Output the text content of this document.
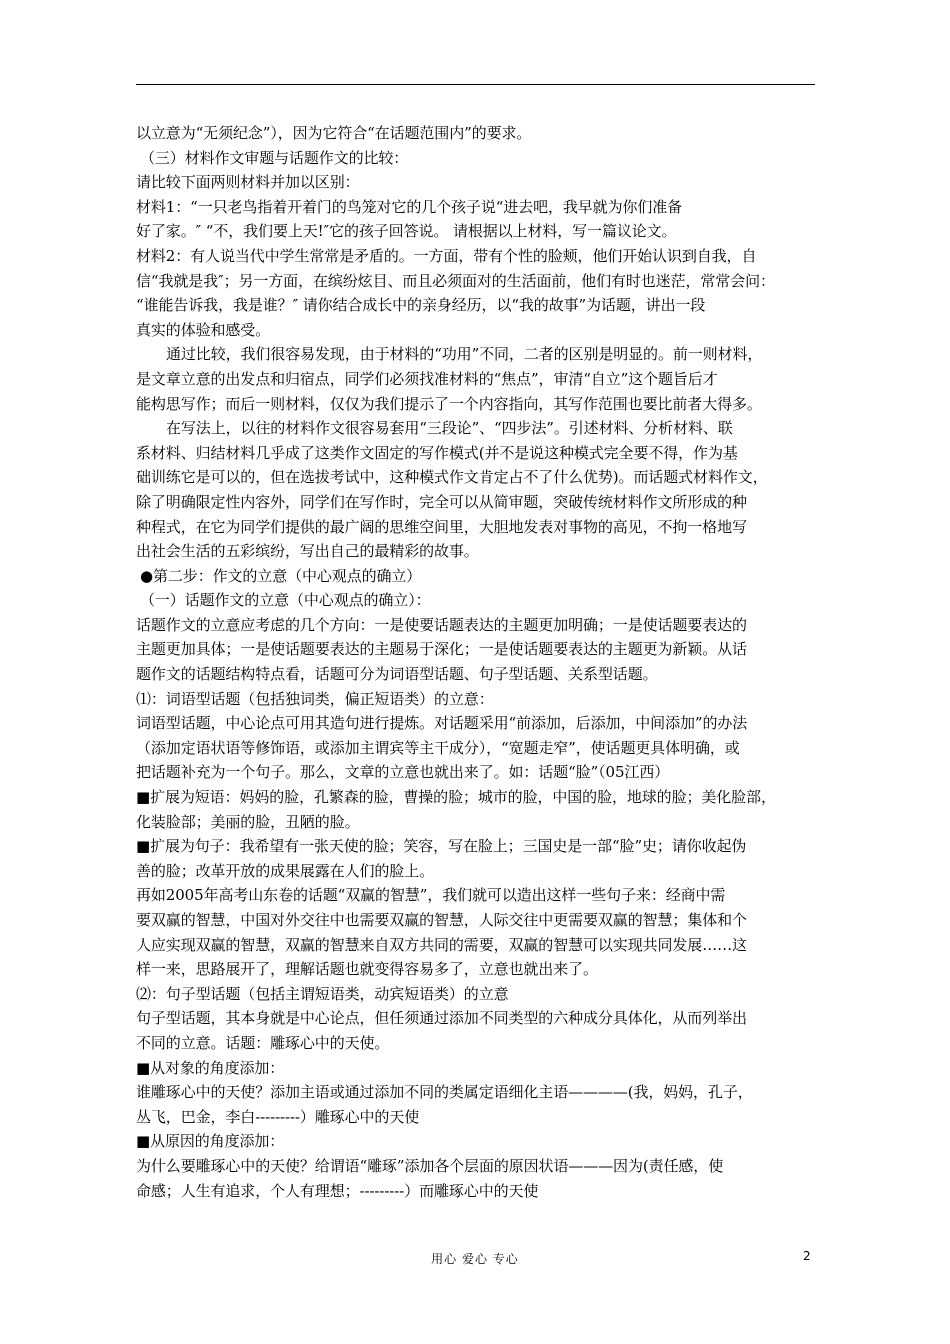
以立意为“无须纪念”），因为它符合“在话题范围内”的要求。

（三）材料作文审题与话题作文的比较：

请比较下面两则材料并加以区别：

材料1：“一只老鸟指着开着门的鸟笼对它的几个孩子说“进去吧，我早就为你们准备

好了家。″ “不，我们要上天!″它的孩子回答说。 请根据以上材料，写一篇议论文。

材料2：有人说当代中学生常常是矛盾的。一方面，带有个性的脸颊，他们开始认识到自我，自

信“我就是我″；另一方面，在缤纷炫目、而且必须面对的生活面前，他们有时也迷茫，常常会问：

“谁能告诉我，我是谁？″ 请你结合成长中的亲身经历，以“我的故事”为话题，讲出一段

真实的体验和感受。

通过比较，我们很容易发现，由于材料的“功用”不同，二者的区别是明显的。前一则材料，

是文章立意的出发点和归宿点，同学们必须找准材料的“焦点”，审清“自立”这个题旨后才

能构思写作；而后一则材料，仅仅为我们提示了一个内容指向，其写作范围也要比前者大得多。

在写法上，以往的材料作文很容易套用“三段论”、“四步法”。引述材料、分析材料、联

系材料、归结材料几乎成了这类作文固定的写作模式(并不是说这种模式完全要不得，作为基

础训练它是可以的，但在选拔考试中，这种模式作文肯定占不了什么优势)。而话题式材料作文，

除了明确限定性内容外，同学们在写作时，完全可以从简审题，突破传统材料作文所形成的种

种程式，在它为同学们提供的最广阔的思维空间里，大胆地发表对事物的高见，不拘一格地写

出社会生活的五彩缤纷，写出自己的最精彩的故事。

●第二步：作文的立意（中心观点的确立）

（一）话题作文的立意（中心观点的确立）：

话题作文的立意应考虑的几个方向：一是使要话题表达的主题更加明确；一是使话题要表达的

主题更加具体；一是使话题要表达的主题易于深化；一是使话题要表达的主题更为新颖。从话

题作文的话题结构特点看，话题可分为词语型话题、句子型话题、关系型话题。

⑴：词语型话题（包括独词类，偏正短语类）的立意：

词语型话题，中心论点可用其造句进行提炼。对话题采用“前添加，后添加，中间添加”的办法

（添加定语状语等修饰语，或添加主谓宾等主干成分），“宽题走窄”，使话题更具体明确，或

把话题补充为一个句子。那么，文章的立意也就出来了。如：话题“脸”（05江西）

■扩展为短语：妈妈的脸，孔繁森的脸，曹操的脸；城市的脸，中国的脸，地球的脸；美化脸部，

化装脸部；美丽的脸，丑陋的脸。

■扩展为句子：我希望有一张天使的脸；笑容，写在脸上；三国史是一部“脸”史；请你收起伪

善的脸；改革开放的成果展露在人们的脸上。

再如2005年高考山东卷的话题“双赢的智慧”，我们就可以造出这样一些句子来：经商中需

要双赢的智慧，中国对外交往中也需要双赢的智慧，人际交往中更需要双赢的智慧；集体和个

人应实现双赢的智慧，双赢的智慧来自双方共同的需要，双赢的智慧可以实现共同发展……这

样一来，思路展开了，理解话题也就变得容易多了，立意也就出来了。

⑵：句子型话题（包括主谓短语类，动宾短语类）的立意

句子型话题，其本身就是中心论点，但任须通过添加不同类型的六种成分具体化，从而列举出

不同的立意。话题：雕琢心中的天使。

■从对象的角度添加：

谁雕琢心中的天使？添加主语或通过添加不同的类属定语细化主语————(我，妈妈，孔子，

丛飞，巴金，李白---------）雕琢心中的天使

■从原因的角度添加：

为什么要雕琢心中的天使？给谓语“雕琢”添加各个层面的原因状语———因为(责任感，使

命感；人生有追求，个人有理想；---------）而雕琢心中的天使

用心 爱心 专心	2
